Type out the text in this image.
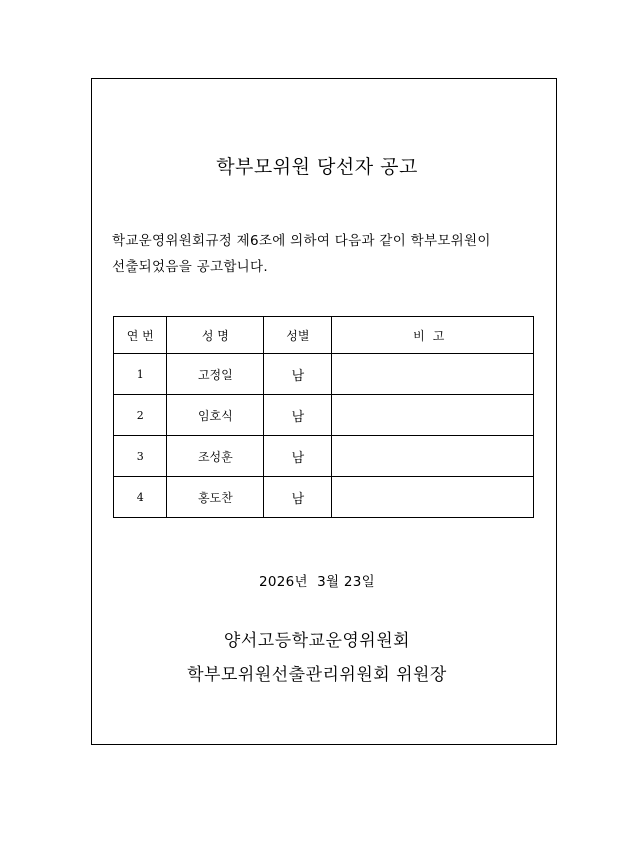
학부모위원 당선자 공고
학교운영위원회규정 제6조에 의하여 다음과 같이 학부모위원이
선출되었음을 공고합니다.
연 번	성 명	성별	비고
1	고정일	남	
2	임호식	남	
3	조성훈	남	
4	홍도찬	남	
2026년  3월 23일
양서고등학교운영위원회
학부모위원선출관리위원회 위원장
